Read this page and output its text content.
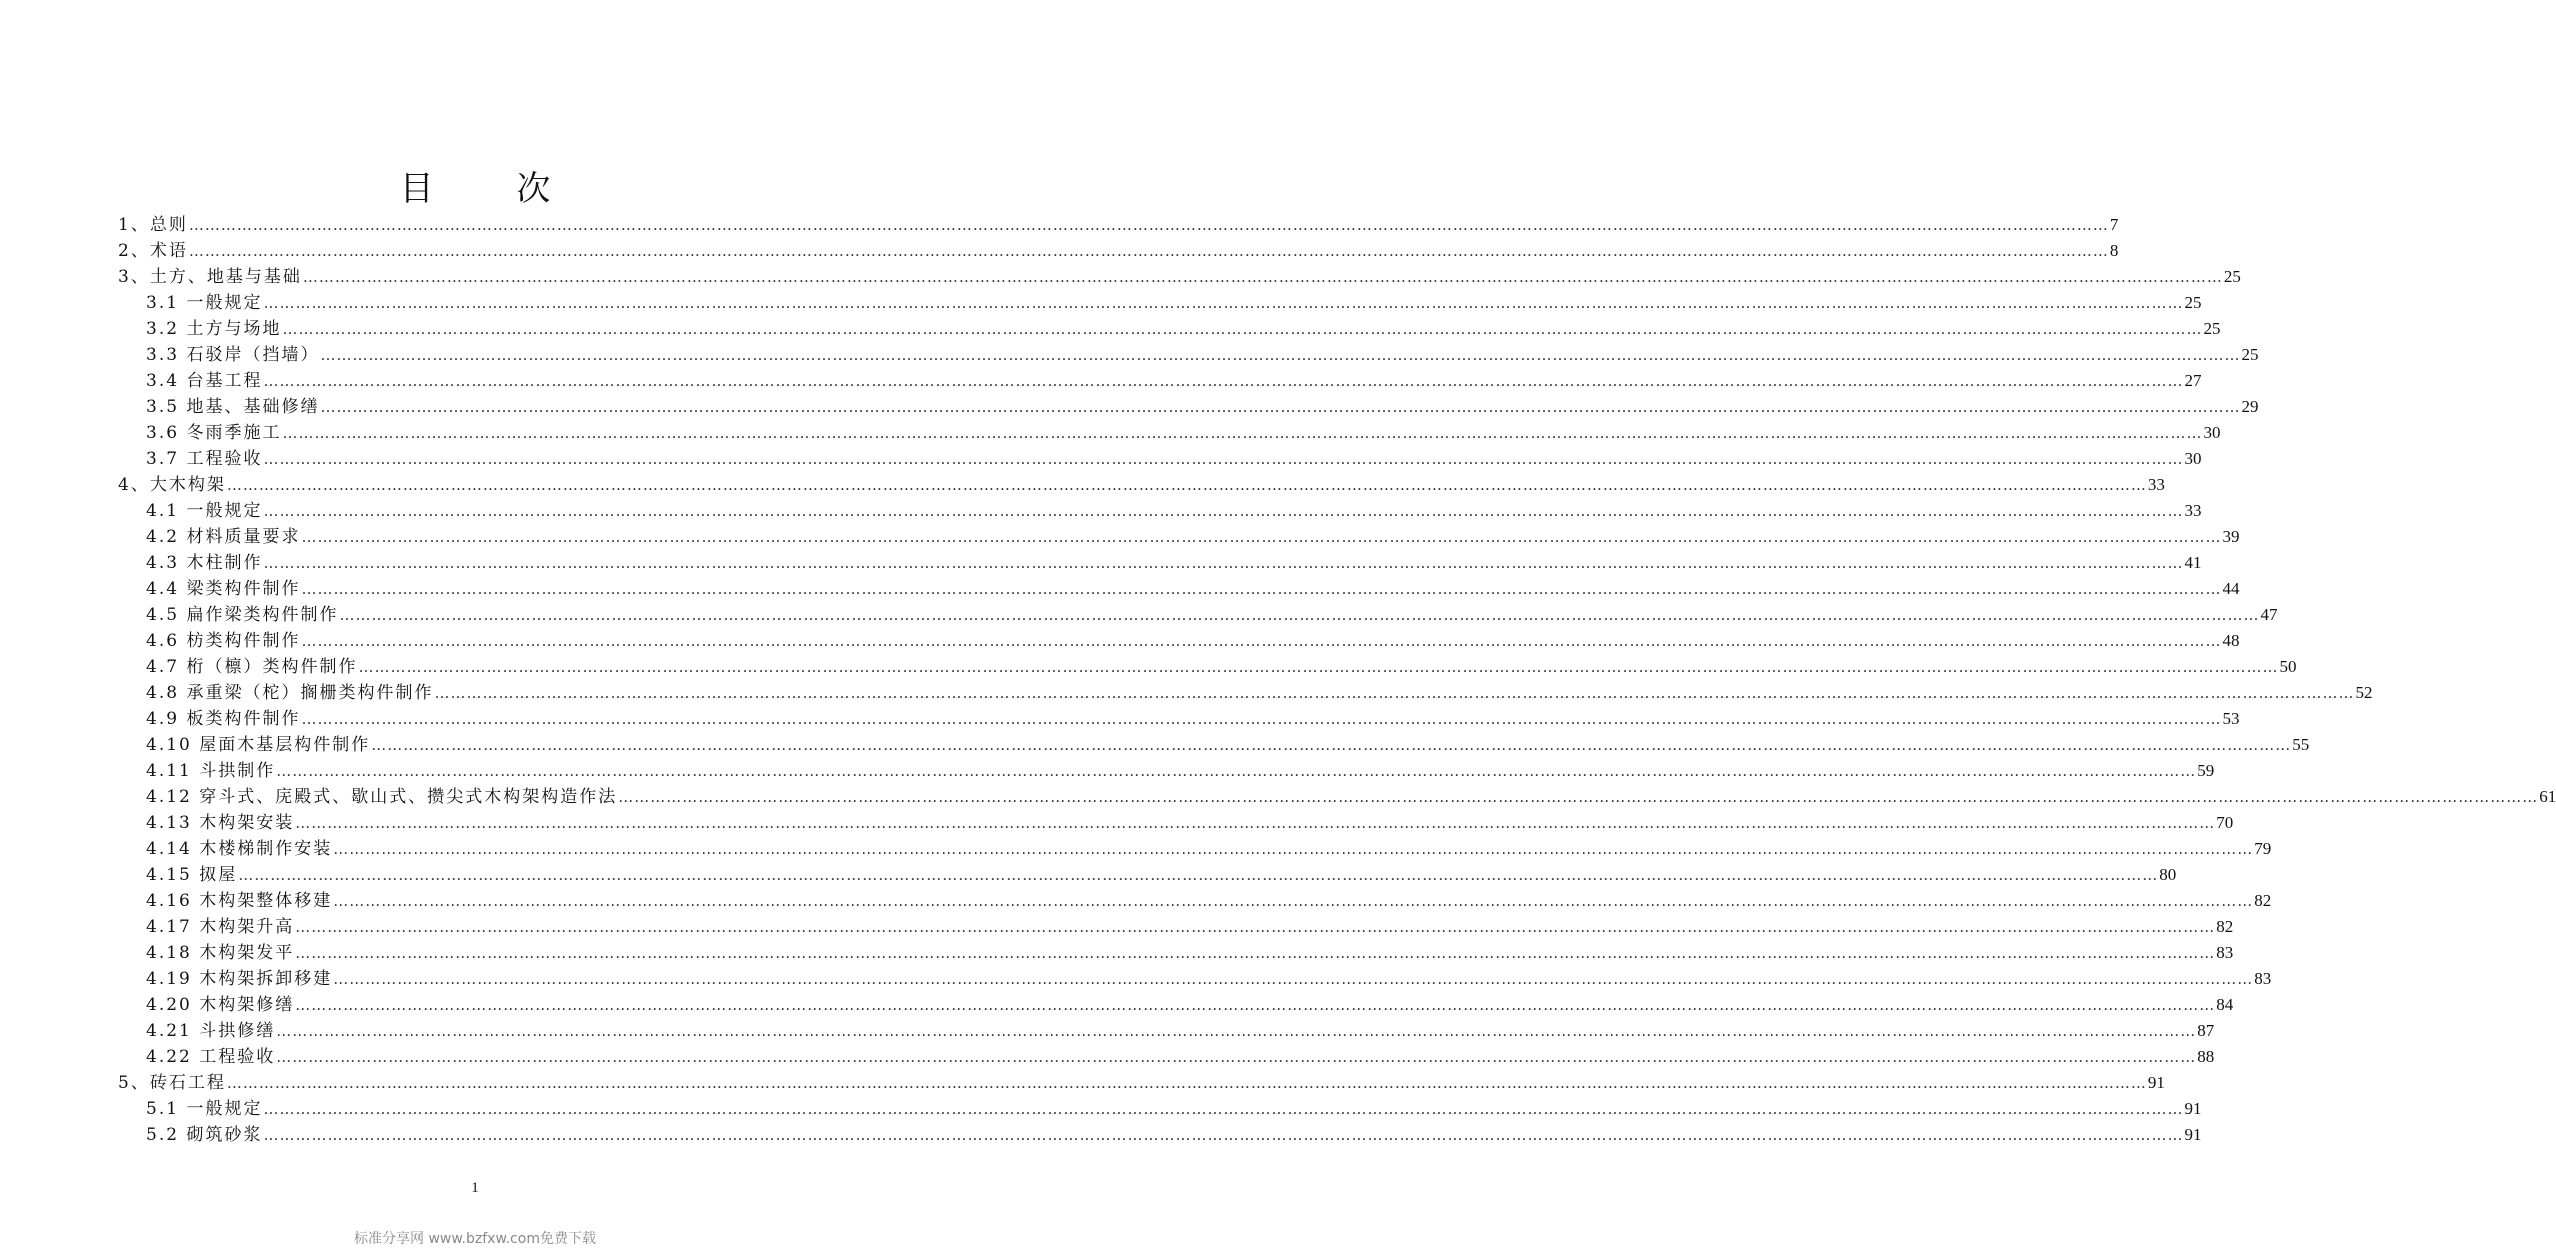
目 次
1、总则 ……………………………………………………………………………………………………………………………………………………………………………………………………………………………………………………………………………………………………………………………… 7
2、术语 ……………………………………………………………………………………………………………………………………………………………………………………………………………………………………………………………………………………………………………………………… 8
3、土方、地基与基础 ……………………………………………………………………………………………………………………………………………………………………………………………………………………………………………………………………………………………………………………………… 25
3.1 一般规定 ……………………………………………………………………………………………………………………………………………………………………………………………………………………………………………………………………………………………………………………………… 25
3.2 土方与场地 ……………………………………………………………………………………………………………………………………………………………………………………………………………………………………………………………………………………………………………………………… 25
3.3 石驳岸（挡墙） ……………………………………………………………………………………………………………………………………………………………………………………………………………………………………………………………………………………………………………………………… 25
3.4 台基工程 ……………………………………………………………………………………………………………………………………………………………………………………………………………………………………………………………………………………………………………………………… 27
3.5 地基、基础修缮 ……………………………………………………………………………………………………………………………………………………………………………………………………………………………………………………………………………………………………………………………… 29
3.6 冬雨季施工 ……………………………………………………………………………………………………………………………………………………………………………………………………………………………………………………………………………………………………………………………… 30
3.7 工程验收 ……………………………………………………………………………………………………………………………………………………………………………………………………………………………………………………………………………………………………………………………… 30
4、大木构架 ……………………………………………………………………………………………………………………………………………………………………………………………………………………………………………………………………………………………………………………………… 33
4.1 一般规定 ……………………………………………………………………………………………………………………………………………………………………………………………………………………………………………………………………………………………………………………………… 33
4.2 材料质量要求 ……………………………………………………………………………………………………………………………………………………………………………………………………………………………………………………………………………………………………………………………… 39
4.3 木柱制作 ……………………………………………………………………………………………………………………………………………………………………………………………………………………………………………………………………………………………………………………………… 41
4.4 梁类构件制作 ……………………………………………………………………………………………………………………………………………………………………………………………………………………………………………………………………………………………………………………………… 44
4.5 扁作梁类构件制作 ……………………………………………………………………………………………………………………………………………………………………………………………………………………………………………………………………………………………………………………………… 47
4.6 枋类构件制作 ……………………………………………………………………………………………………………………………………………………………………………………………………………………………………………………………………………………………………………………………… 48
4.7 桁（檩）类构件制作 ……………………………………………………………………………………………………………………………………………………………………………………………………………………………………………………………………………………………………………………………… 50
4.8 承重梁（柁）搁栅类构件制作 ……………………………………………………………………………………………………………………………………………………………………………………………………………………………………………………………………………………………………………………………… 52
4.9 板类构件制作 ……………………………………………………………………………………………………………………………………………………………………………………………………………………………………………………………………………………………………………………………… 53
4.10 屋面木基层构件制作 ……………………………………………………………………………………………………………………………………………………………………………………………………………………………………………………………………………………………………………………………… 55
4.11 斗拱制作 ……………………………………………………………………………………………………………………………………………………………………………………………………………………………………………………………………………………………………………………………… 59
4.12 穿斗式、庑殿式、歇山式、攒尖式木构架构造作法 ……………………………………………………………………………………………………………………………………………………………………………………………………………………………………………………………………………………………………………………………… 61
4.13 木构架安装 ……………………………………………………………………………………………………………………………………………………………………………………………………………………………………………………………………………………………………………………………… 70
4.14 木楼梯制作安装 ……………………………………………………………………………………………………………………………………………………………………………………………………………………………………………………………………………………………………………………………… 79
4.15 㧐屋 ……………………………………………………………………………………………………………………………………………………………………………………………………………………………………………………………………………………………………………………………… 80
4.16 木构架整体移建 ……………………………………………………………………………………………………………………………………………………………………………………………………………………………………………………………………………………………………………………………… 82
4.17 木构架升高 ……………………………………………………………………………………………………………………………………………………………………………………………………………………………………………………………………………………………………………………………… 82
4.18 木构架发平 ……………………………………………………………………………………………………………………………………………………………………………………………………………………………………………………………………………………………………………………………… 83
4.19 木构架拆卸移建 ……………………………………………………………………………………………………………………………………………………………………………………………………………………………………………………………………………………………………………………………… 83
4.20 木构架修缮 ……………………………………………………………………………………………………………………………………………………………………………………………………………………………………………………………………………………………………………………………… 84
4.21 斗拱修缮 ……………………………………………………………………………………………………………………………………………………………………………………………………………………………………………………………………………………………………………………………… 87
4.22 工程验收 ……………………………………………………………………………………………………………………………………………………………………………………………………………………………………………………………………………………………………………………………… 88
5、砖石工程 ……………………………………………………………………………………………………………………………………………………………………………………………………………………………………………………………………………………………………………………………… 91
5.1 一般规定 ……………………………………………………………………………………………………………………………………………………………………………………………………………………………………………………………………………………………………………………………… 91
5.2 砌筑砂浆 ……………………………………………………………………………………………………………………………………………………………………………………………………………………………………………………………………………………………………………………………… 91
1
标准分享网 www.bzfxw.com免费下载
